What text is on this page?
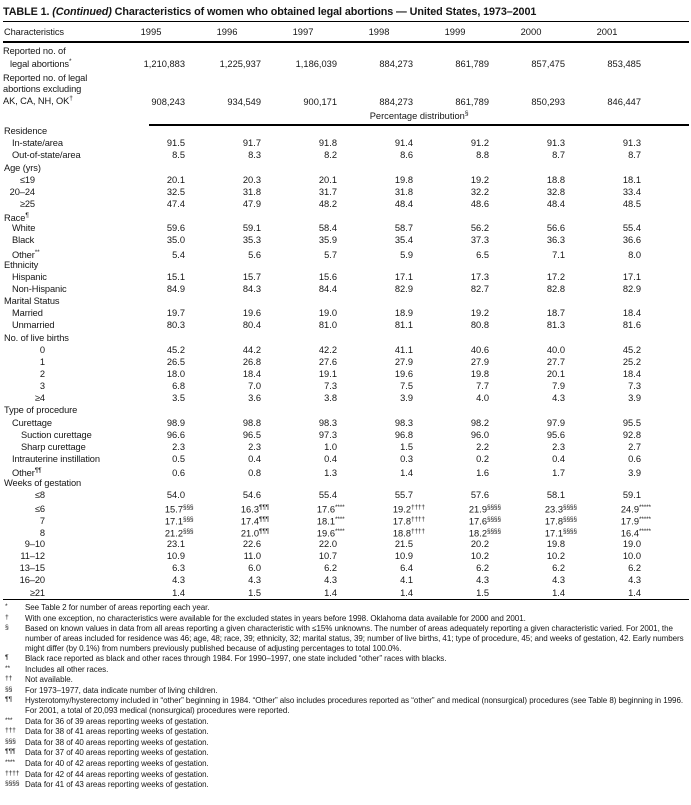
TABLE 1. (Continued) Characteristics of women who obtained legal abortions — United States, 1973–2001
Characteristics	1995	1996	1997	1998	1999	2000	2001
Reported no. of
legal abortions*	1,210,883	1,225,937	1,186,039	884,273	861,789	857,475	853,485
Reported no. of legal
abortions excluding
AK, CA, NH, OK†	908,243	934,549	900,171	884,273	861,789	850,293	846,447
Percentage distribution§
Residence
In-state/area	91.5	91.7	91.8	91.4	91.2	91.3	91.3
Out-of-state/area	8.5	8.3	8.2	8.6	8.8	8.7	8.7
Age (yrs)
≤19	20.1	20.3	20.1	19.8	19.2	18.8	18.1
20–24	32.5	31.8	31.7	31.8	32.2	32.8	33.4
≥25	47.4	47.9	48.2	48.4	48.6	48.4	48.5
Race¶
White	59.6	59.1	58.4	58.7	56.2	56.6	55.4
Black	35.0	35.3	35.9	35.4	37.3	36.3	36.6
Other**	5.4	5.6	5.7	5.9	6.5	7.1	8.0
Ethnicity
Hispanic	15.1	15.7	15.6	17.1	17.3	17.2	17.1
Non-Hispanic	84.9	84.3	84.4	82.9	82.7	82.8	82.9
Marital Status
Married	19.7	19.6	19.0	18.9	19.2	18.7	18.4
Unmarried	80.3	80.4	81.0	81.1	80.8	81.3	81.6
No. of live births
0	45.2	44.2	42.2	41.1	40.6	40.0	45.2
1	26.5	26.8	27.6	27.9	27.9	27.7	25.2
2	18.0	18.4	19.1	19.6	19.8	20.1	18.4
3	6.8	7.0	7.3	7.5	7.7	7.9	7.3
≥4	3.5	3.6	3.8	3.9	4.0	4.3	3.9
Type of procedure
Curettage	98.9	98.8	98.3	98.3	98.2	97.9	95.5
Suction curettage	96.6	96.5	97.3	96.8	96.0	95.6	92.8
Sharp curettage	2.3	2.3	1.0	1.5	2.2	2.3	2.7
Intrauterine instillation	0.5	0.4	0.4	0.3	0.2	0.4	0.6
Other¶¶	0.6	0.8	1.3	1.4	1.6	1.7	3.9
Weeks of gestation
≤8	54.0	54.6	55.4	55.7	57.6	58.1	59.1
≤6	15.7§§§	16.3¶¶¶	17.6****	19.2††††	21.9§§§§	23.3§§§§	24.9*****
7	17.1§§§	17.4¶¶¶	18.1****	17.8††††	17.6§§§§	17.8§§§§	17.9*****
8	21.2§§§	21.0¶¶¶	19.6****	18.8††††	18.2§§§§	17.1§§§§	16.4*****
9–10	23.1	22.6	22.0	21.5	20.2	19.8	19.0
11–12	10.9	11.0	10.7	10.9	10.2	10.2	10.0
13–15	6.3	6.0	6.2	6.4	6.2	6.2	6.2
16–20	4.3	4.3	4.3	4.1	4.3	4.3	4.3
≥21	1.4	1.5	1.4	1.4	1.5	1.4	1.4
*	See Table 2 for number of areas reporting each year.
†	With one exception, no characteristics were available for the excluded states in years before 1998. Oklahoma data available for 2000 and 2001.
§	Based on known values in data from all areas reporting a given characteristic with ≤15% unknowns. The number of areas adequately reporting a given characteristic varied. For 2001, the number of areas included for residence was 46; age, 48; race, 39; ethnicity, 32; marital status, 39; number of live births, 41; type of procedure, 45; and weeks of gestation, 42. Early numbers might differ (by 0.1%) from numbers previously published because of adjusting percentages to total 100.0%.
¶	Black race reported as black and other races through 1984. For 1990–1997, one state included “other” races with blacks.
**	Includes all other races.
††	Not available.
§§	For 1973–1977, data indicate number of living children.
¶¶	Hysterotomy/hysterectomy included in “other” beginning in 1984. “Other” also includes procedures reported as “other” and medical (nonsurgical) procedures (see Table 8) beginning in 1996. For 2001, a total of 20,093 medical (nonsurgical) procedures were reported.
***	Data for 36 of 39 areas reporting weeks of gestation.
†††	Data for 38 of 41 areas reporting weeks of gestation.
§§§	Data for 38 of 40 areas reporting weeks of gestation.
¶¶¶	Data for 37 of 40 areas reporting weeks of gestation.
****	Data for 40 of 42 areas reporting weeks of gestation.
†††† Data for 42 of 44 areas reporting weeks of gestation.
§§§§ Data for 41 of 43 areas reporting weeks of gestation.
